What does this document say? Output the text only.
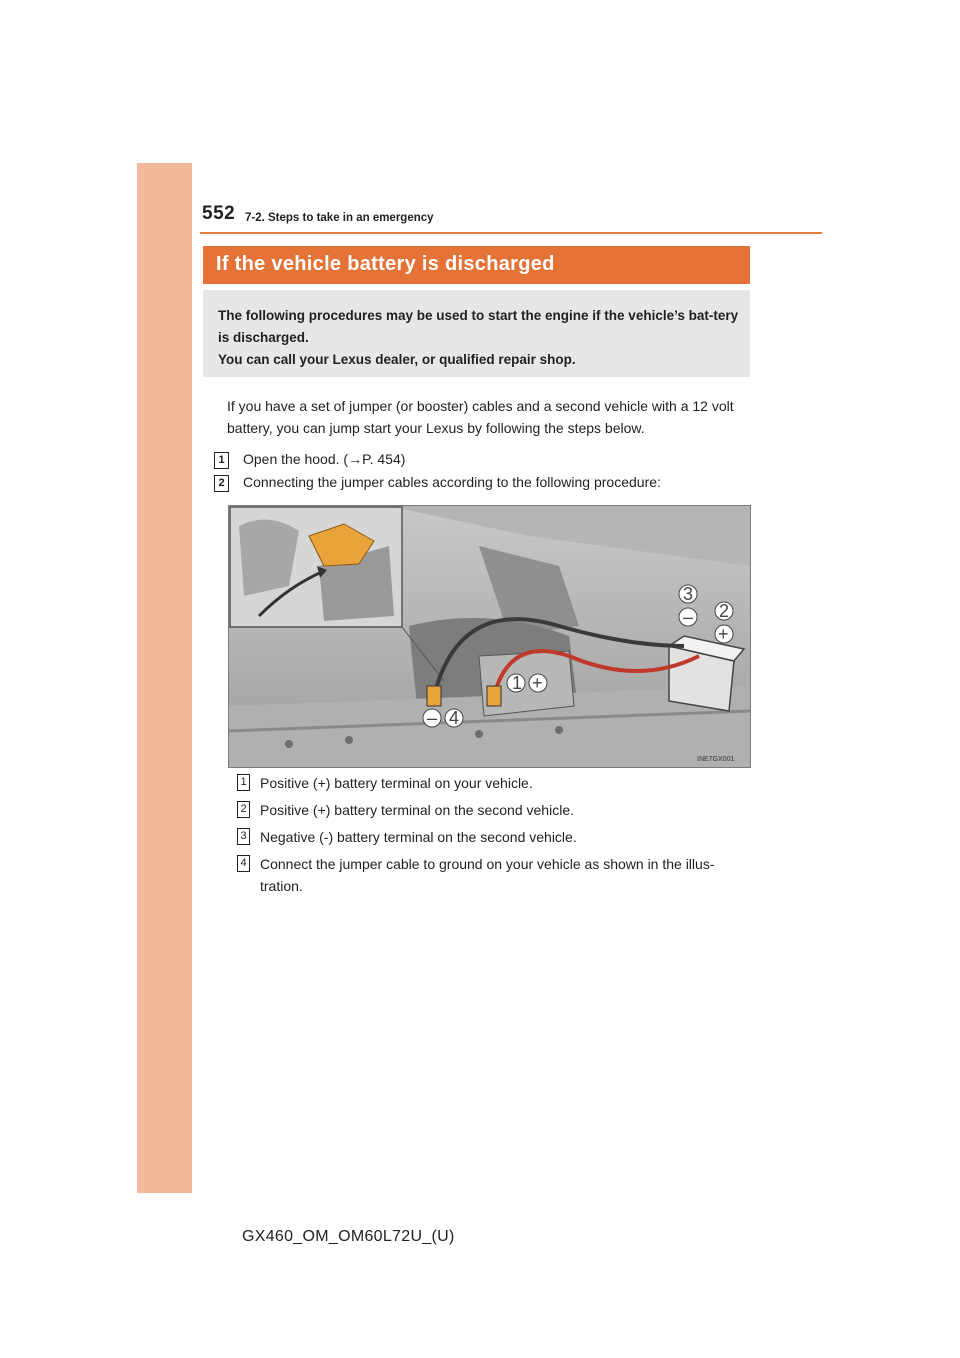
552 7-2. Steps to take in an emergency
If the vehicle battery is discharged

The following procedures may be used to start the engine if the vehicle’s bat-tery is discharged.
You can call your Lexus dealer, or qualified repair shop.

If you have a set of jumper (or booster) cables and a second vehicle with a 12 volt battery, you can jump start your Lexus by following the steps below.
1	Open the hood. (→P. 454)
2	Connecting the jumper cables according to the following procedure:
1 +
2
+
3
–
– 4
INE7GX001
1 Positive (+) battery terminal on your vehicle.
2 Positive (+) battery terminal on the second vehicle.
3 Negative (-) battery terminal on the second vehicle.
4 Connect the jumper cable to ground on your vehicle as shown in the illus-tration.
GX460_OM_OM60L72U_(U)
